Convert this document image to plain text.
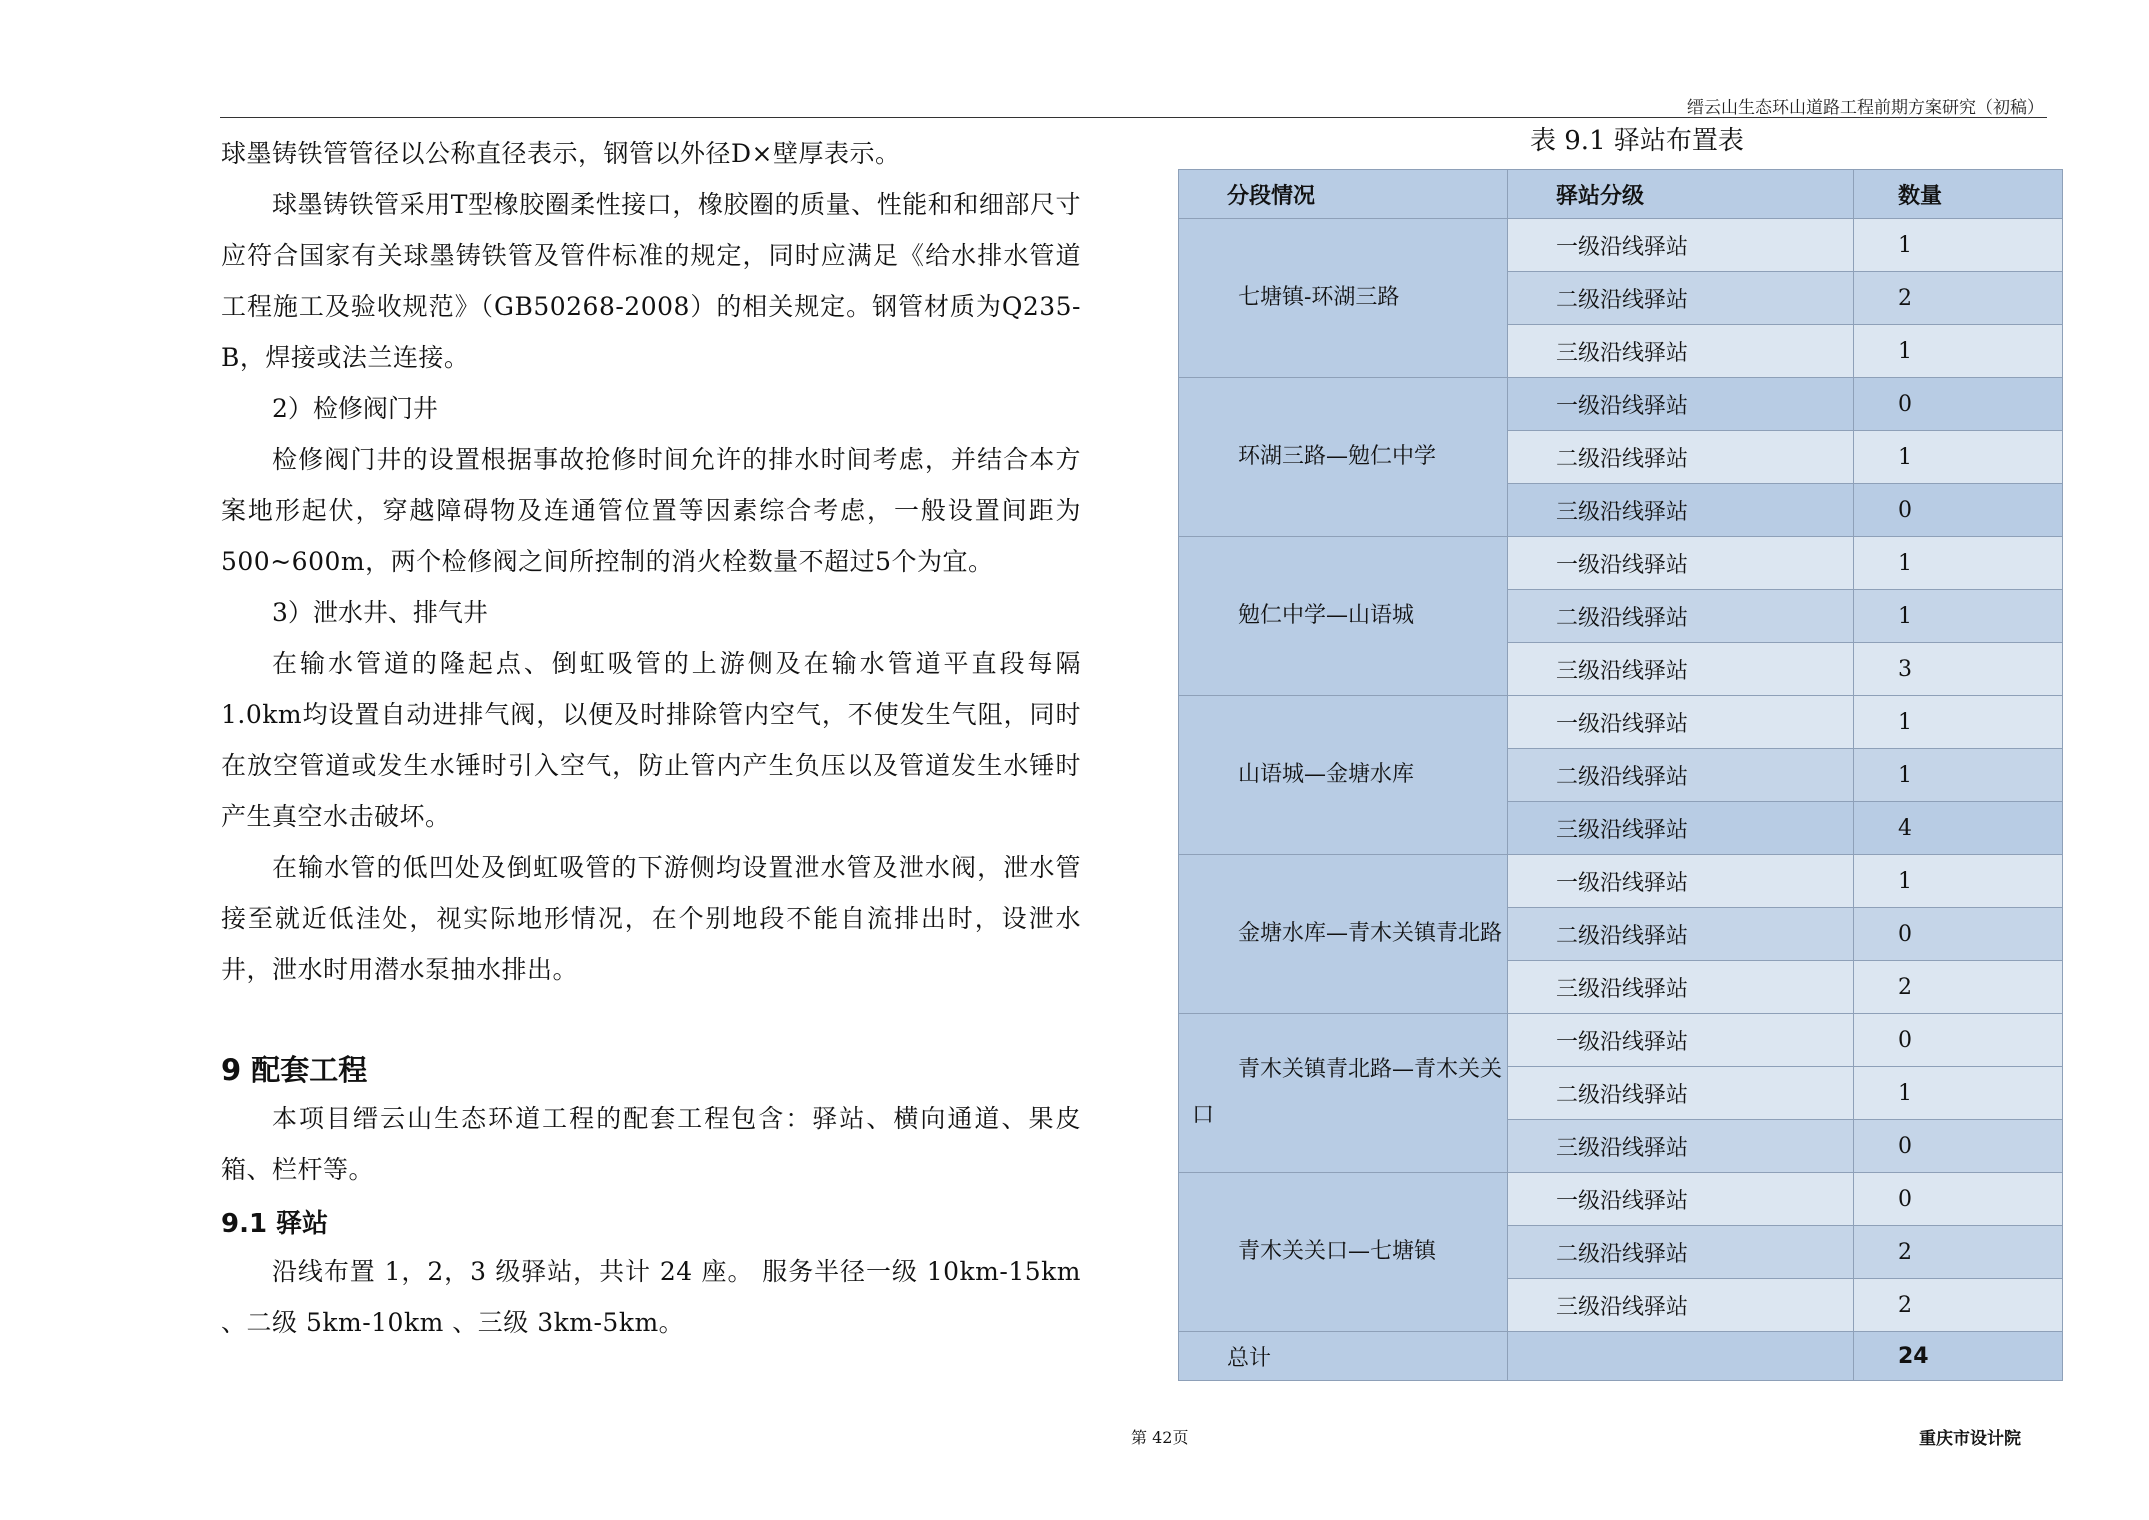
缙云山生态环山道路工程前期方案研究（初稿）

球墨铸铁管管径以公称直径表示，钢管以外径D×壁厚表示。

球墨铸铁管采用T型橡胶圈柔性接口，橡胶圈的质量、性能和和细部尺寸应符合国家有关球墨铸铁管及管件标准的规定，同时应满足《给水排水管道工程施工及验收规范》（GB50268-2008）的相关规定。钢管材质为Q235-B，焊接或法兰连接。

2）检修阀门井

检修阀门井的设置根据事故抢修时间允许的排水时间考虑，并结合本方案地形起伏，穿越障碍物及连通管位置等因素综合考虑，一般设置间距为500~600m，两个检修阀之间所控制的消火栓数量不超过5个为宜。

3）泄水井、排气井

在输水管道的隆起点、倒虹吸管的上游侧及在输水管道平直段每隔1.0km均设置自动进排气阀，以便及时排除管内空气，不使发生气阻，同时在放空管道或发生水锤时引入空气，防止管内产生负压以及管道发生水锤时产生真空水击破坏。

在输水管的低凹处及倒虹吸管的下游侧均设置泄水管及泄水阀，泄水管接至就近低洼处，视实际地形情况，在个别地段不能自流排出时，设泄水井，泄水时用潜水泵抽水排出。

9 配套工程

本项目缙云山生态环道工程的配套工程包含：驿站、横向通道、果皮箱、栏杆等。

9.1 驿站

沿线布置 1，2，3 级驿站，共计 24 座。 服务半径一级 10km-15km 、二级 5km-10km 、三级 3km-5km。

表 9.1 驿站布置表
分段情况	驿站分级	数量

七塘镇-环湖三路	一级沿线驿站	1
	二级沿线驿站	2
	三级沿线驿站	1

环湖三路—勉仁中学	一级沿线驿站	0
	二级沿线驿站	1
	三级沿线驿站	0

勉仁中学—山语城	一级沿线驿站	1
	二级沿线驿站	1
	三级沿线驿站	3

山语城—金塘水库	一级沿线驿站	1
	二级沿线驿站	1
	三级沿线驿站	4

金塘水库—青木关镇青北路	一级沿线驿站	1
	二级沿线驿站	0
	三级沿线驿站	2

青木关镇青北路—青木关关口	一级沿线驿站	0
	二级沿线驿站	1
	三级沿线驿站	0

青木关关口—七塘镇	一级沿线驿站	0
	二级沿线驿站	2
	三级沿线驿站	2
总计		24
第 42页	重庆市设计院
